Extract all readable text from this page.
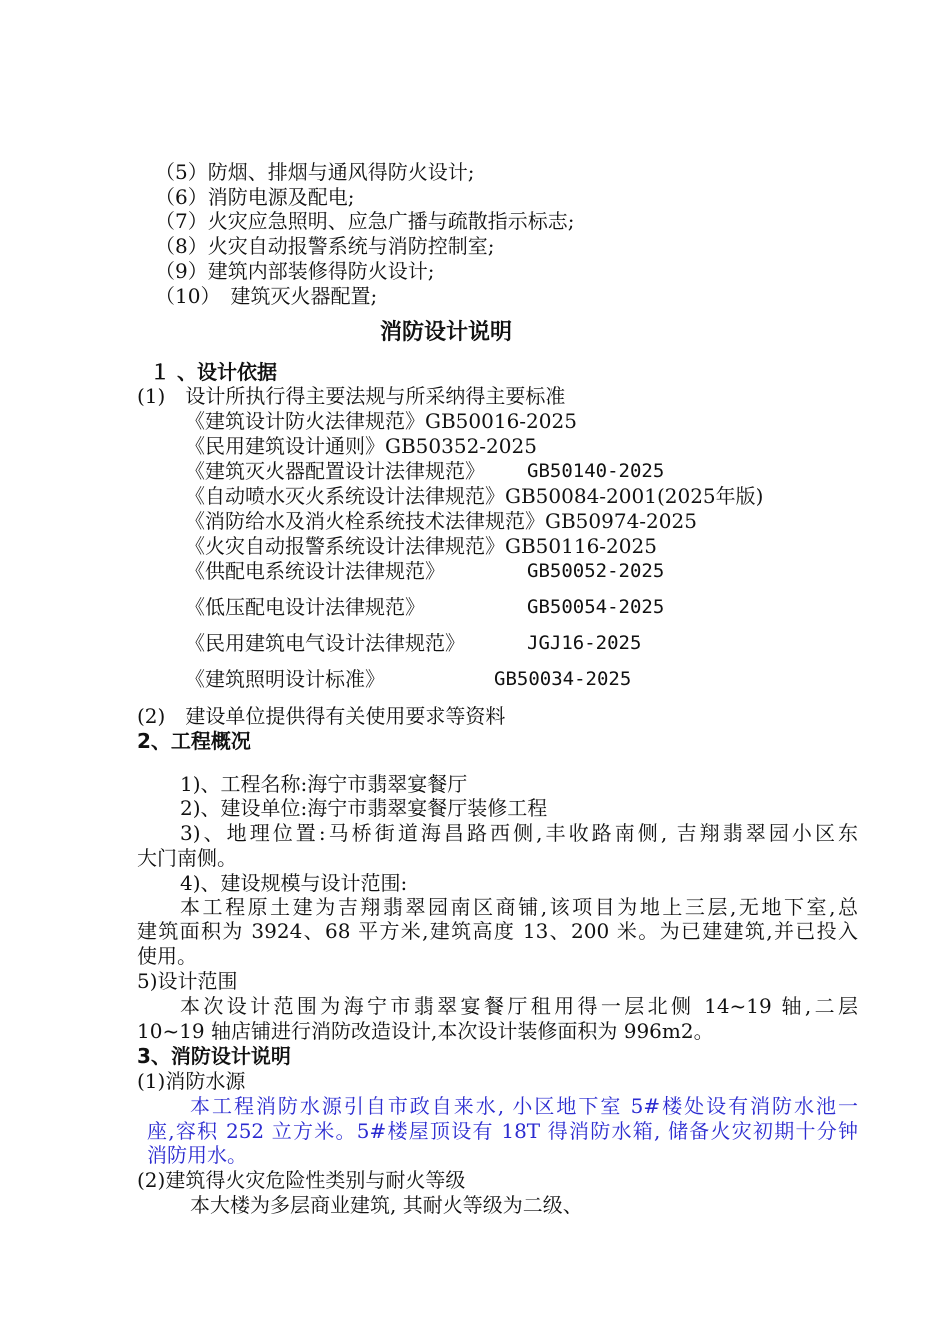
（5）防烟、排烟与通风得防火设计;
（6）消防电源及配电;
（7）火灾应急照明、应急广播与疏散指示标志;
（8）火灾自动报警系统与消防控制室;
（9）建筑内部装修得防火设计;
（10）　建筑灭火器配置;
消防设计说明
１ 、设计依据
(1)　设计所执行得主要法规与所采纳得主要标准
《建筑设计防火法律规范》GB50016-2025
《民用建筑设计通则》GB50352-2025
《建筑灭火器配置设计法律规范》 GB50140-2025
《自动喷水灭火系统设计法律规范》GB50084-2001(2025年版)
《消防给水及消火栓系统技术法律规范》GB50974-2025
《火灾自动报警系统设计法律规范》GB50116-2025
《供配电系统设计法律规范》	GB50052-2025
《低压配电设计法律规范》	GB50054-2025
《民用建筑电气设计法律规范》	JGJ16-2025
《建筑照明设计标准》	GB50034-2025
(2)　建设单位提供得有关使用要求等资料
2、工程概况
1)、工程名称:海宁市翡翠宴餐厅
2)、建设单位:海宁市翡翠宴餐厅装修工程
3)、地理位置:马桥街道海昌路西侧,丰收路南侧, 吉翔翡翠园小区东
大门南侧。
4)、建设规模与设计范围:
本工程原土建为吉翔翡翠园南区商铺,该项目为地上三层,无地下室,总
建筑面积为 3924、68 平方米,建筑高度 13、200 米。为已建建筑,并已投入
使用。
5)设计范围
本次设计范围为海宁市翡翠宴餐厅租用得一层北侧 14~19 轴,二层
10~19 轴店铺进行消防改造设计,本次设计装修面积为 996m2。
3、消防设计说明
(1)消防水源
本工程消防水源引自市政自来水, 小区地下室 5#楼处设有消防水池一
座,容积 252 立方米。5#楼屋顶设有 18T 得消防水箱, 储备火灾初期十分钟
消防用水。
(2)建筑得火灾危险性类别与耐火等级
本大楼为多层商业建筑, 其耐火等级为二级、
